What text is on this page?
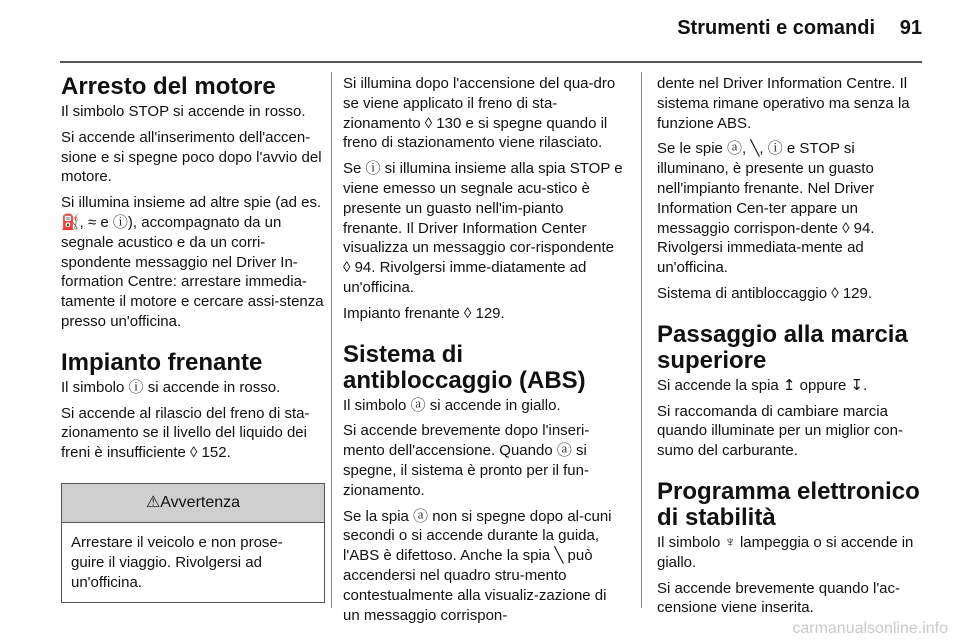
Strumenti e comandi 91
Arresto del motore

Il simbolo STOP si accende in rosso.

Si accende all'inserimento dell'accen-sione e si spegne poco dopo l'avvio del motore.

Si illumina insieme ad altre spie (ad es. ⛽, ≈ e ⓘ), accompagnato da un segnale acustico e da un corri-spondente messaggio nel Driver In-formation Centre: arrestare immedia-tamente il motore e cercare assi-stenza presso un'officina.

Impianto frenante

Il simbolo ⓘ si accende in rosso.

Si accende al rilascio del freno di sta-zionamento se il livello del liquido dei freni è insufficiente ◊ 152.

⚠Avvertenza
Arrestare il veicolo e non prose-guire il viaggio. Rivolgersi ad un'officina.

Si illumina dopo l'accensione del qua-dro se viene applicato il freno di sta-zionamento ◊ 130 e si spegne quando il freno di stazionamento viene rilasciato.

Se ⓘ si illumina insieme alla spia STOP e viene emesso un segnale acu-stico è presente un guasto nell'im-pianto frenante. Il Driver Information Center visualizza un messaggio cor-rispondente ◊ 94. Rivolgersi imme-diatamente ad un'officina.

Impianto frenante ◊ 129.

Sistema di antibloccaggio (ABS)

Il simbolo ⓐ si accende in giallo.

Si accende brevemente dopo l'inseri-mento dell'accensione. Quando ⓐ si spegne, il sistema è pronto per il fun-zionamento.

Se la spia ⓐ non si spegne dopo al-cuni secondi o si accende durante la guida, l'ABS è difettoso. Anche la spia ╲ può accendersi nel quadro stru-mento contestualmente alla visualiz-zazione di un messaggio corrispon-

dente nel Driver Information Centre. Il sistema rimane operativo ma senza la funzione ABS.

Se le spie ⓐ, ╲, ⓘ e STOP si illuminano, è presente un guasto nell'impianto frenante. Nel Driver Information Cen-ter appare un messaggio corrispon-dente ◊ 94. Rivolgersi immediata-mente ad un'officina.

Sistema di antibloccaggio ◊ 129.

Passaggio alla marcia superiore

Si accende la spia ↥ oppure ↧.

Si raccomanda di cambiare marcia quando illuminate per un miglior con-sumo del carburante.

Programma elettronico di stabilità

Il simbolo ♆ lampeggia o si accende in giallo.

Si accende brevemente quando l'ac-censione viene inserita.

carmanualsonline.info
